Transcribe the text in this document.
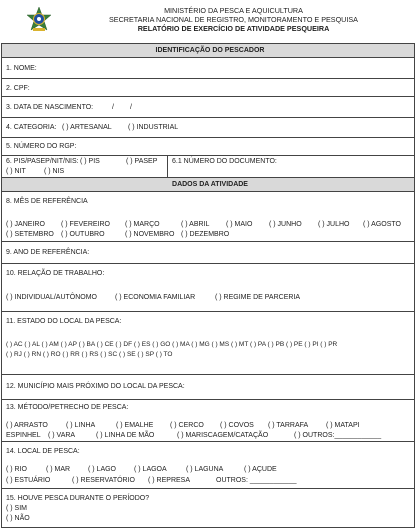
MINISTÉRIO DA PESCA E AQUICULTURA
SECRETARIA NACIONAL DE REGISTRO, MONITORAMENTO E PESQUISA
RELATÓRIO DE EXERCÍCIO DE ATIVIDADE PESQUEIRA
IDENTIFICAÇÃO DO PESCADOR
1. NOME:
2. CPF:
3. DATA DE NASCIMENTO:	/ /
4. CATEGORIA: ( ) ARTESANAL ( ) INDUSTRIAL
5. NÚMERO DO RGP:
6. PIS/PASEP/NIT/NIS: ( ) PIS	( ) PASEP
( ) NIT	( ) NIS
6.1 NÚMERO DO DOCUMENTO:
DADOS DA ATIVIDADE
8. MÊS DE REFERÊNCIA
( ) JANEIRO ( ) FEVEREIRO ( ) MARÇO	( ) ABRIL ( ) MAIO ( ) JUNHO ( ) JULHO ( ) AGOSTO
( ) SETEMBRO ( ) OUTUBRO	( ) NOVEMBRO ( ) DEZEMBRO
9. ANO DE REFERÊNCIA:
10. RELAÇÃO DE TRABALHO:
( ) INDIVIDUAL/AUTÔNOMO	( ) ECONOMIA FAMILIAR	( ) REGIME DE PARCERIA
11. ESTADO DO LOCAL DA PESCA:
( ) AC ( ) AL ( ) AM ( ) AP ( ) BA ( ) CE ( ) DF ( ) ES ( ) GO ( ) MA ( ) MG ( ) MS ( ) MT ( ) PA ( ) PB ( ) PE ( ) PI ( ) PR
( ) RJ ( ) RN ( ) RO ( ) RR ( ) RS ( ) SC ( ) SE ( ) SP ( ) TO
12. MUNICÍPIO MAIS PRÓXIMO DO LOCAL DA PESCA:
13. MÉTODO/PETRECHO DE PESCA:
( ) ARRASTO	( ) LINHA	( ) EMALHE ( ) CERCO ( ) COVOS ( ) TARRAFA	( ) MATAPI
ESPINHEL ( ) VARA	( ) LINHA DE MÃO	( ) MARISCAGEM/CATAÇÃO	( ) OUTROS:____________
14. LOCAL DE PESCA:
( ) RIO	( ) MAR	( ) LAGO	( ) LAGOA	( ) LAGUNA	( ) AÇUDE
( ) ESTUÁRIO	( ) RESERVATÓRIO ( ) REPRESA	OUTROS: ____________
15. HOUVE PESCA DURANTE O PERÍODO?
( ) SIM
( ) NÃO
